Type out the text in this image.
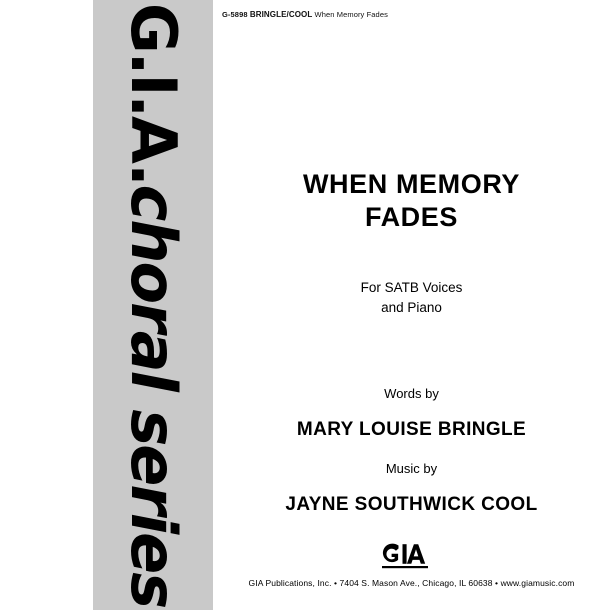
G.I.A.choral series
G-5898 BRINGLE/COOL When Memory Fades
WHEN MEMORY
FADES
For SATB Voices
and Piano
Words by
MARY LOUISE BRINGLE
Music by
JAYNE SOUTHWICK COOL
GIA Publications, Inc. • 7404 S. Mason Ave., Chicago, IL 60638 • www.giamusic.com
